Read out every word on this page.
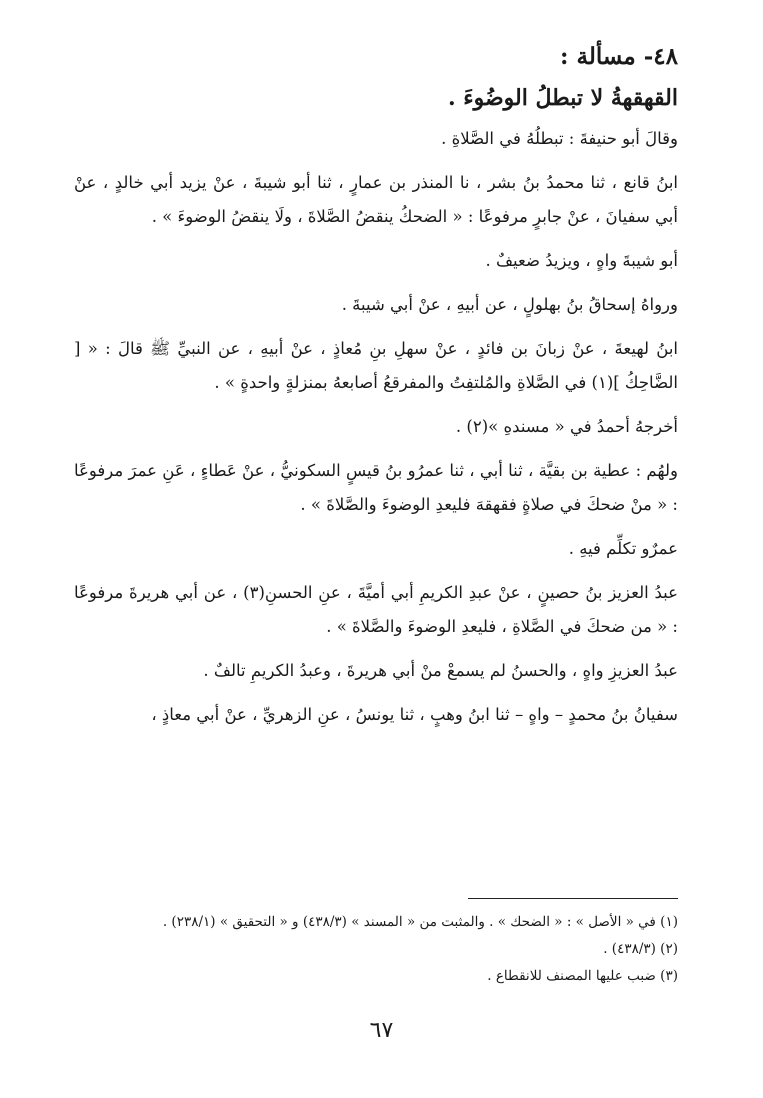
٤٨- مسألة :
القهقهةُ لا تبطلُ الوضُوءَ .

وقالَ أبو حنيفةَ : تبطلُهُ في الصَّلاةِ .

ابنُ قانع ، ثنا محمدُ بنُ بشر ، نا المنذر بن عمارٍ ، ثنا أبو شيبةَ ، عنْ يزيد أبي خالدٍ ، عنْ أبي سفيانَ ، عنْ جابرٍ مرفوعًا : « الضحكُ ينقضُ الصَّلاةَ ، ولَا ينقضُ الوضوءَ » .

أبو شيبةَ واهٍ ، ويزيدُ ضعيفٌ .

ورواهُ إسحاقُ بنُ بهلولٍ ، عن أبيهِ ، عنْ أبي شيبةَ .

ابنُ لهيعةَ ، عنْ زبانَ بن فائدٍ ، عنْ سهلِ بنِ مُعاذٍ ، عنْ أبيهِ ، عن النبيِّ ﷺ قالَ : « [ الضَّاحِكُ ](١) في الصَّلاةِ والمُلتفِتُ والمفرقعُ أصابعهُ بمنزلةٍ واحدةٍ » .

أخرجهُ أحمدُ في « مسندهِ »(٢) .

ولهُم : عطية بن بقيَّة ، ثنا أبي ، ثنا عمرُو بنُ قيسٍ السكونيُّ ، عنْ عَطاءٍ ، عَنِ عمرَ مرفوعًا : « منْ ضحكَ في صلاةٍ فقهقهَ فليعدِ الوضوءَ والصَّلاةَ » .

عمرٌو تكلِّم فيهِ .

عبدُ العزيز بنُ حصينٍ ، عنْ عبدِ الكريمِ أبي أميَّةَ ، عنِ الحسنِ(٣) ، عن أبي هريرةَ مرفوعًا : « من ضحكَ في الصَّلاةِ ، فليعدِ الوضوءَ والصَّلاةَ » .

عبدُ العزيزِ واهٍ ، والحسنُ لم يسمعْ منْ أبي هريرةَ ، وعبدُ الكريمِ تالفٌ .

سفيانُ بنُ محمدٍ – واهٍ – ثنا ابنُ وهبٍ ، ثنا يونسُ ، عنِ الزهريِّ ، عنْ أبي معاذٍ ،

(١) في « الأصل » : « الضحك » . والمثبت من « المسند » (٤٣٨/٣) و « التحقيق » (٢٣٨/١) .

(٢) (٤٣٨/٣) .

(٣) ضبب عليها المصنف للانقطاع .

٦٧
